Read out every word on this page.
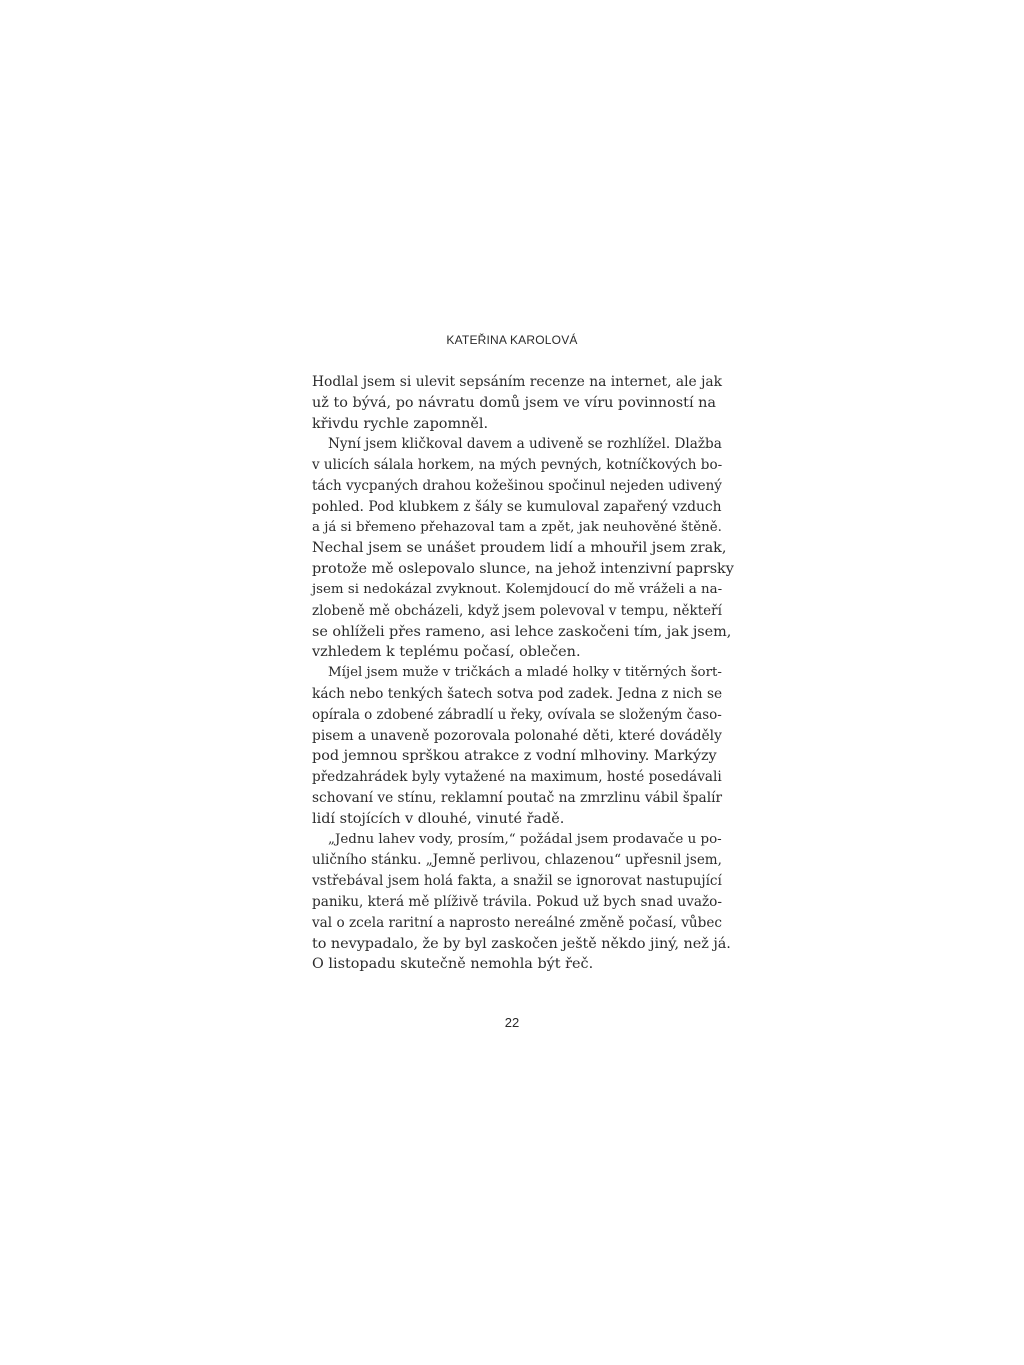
KATEŘINA KAROLOVÁ
Hodlal jsem si ulevit sepsáním recenze na internet, ale jak
už to bývá, po návratu domů jsem ve víru povinností na
křivdu rychle zapomněl.
Nyní jsem kličkoval davem a udiveně se rozhlížel. Dlažba
v ulicích sálala horkem, na mých pevných, kotníčkových bo-
tách vycpaných drahou kožešinou spočinul nejeden udivený
pohled. Pod klubkem z šály se kumuloval zapařený vzduch
a já si břemeno přehazoval tam a zpět, jak neuhověné štěně.
Nechal jsem se unášet proudem lidí a mhouřil jsem zrak,
protože mě oslepovalo slunce, na jehož intenzivní paprsky
jsem si nedokázal zvyknout. Kolemjdoucí do mě vráželi a na-
zlobeně mě obcházeli, když jsem polevoval v tempu, někteří
se ohlíželi přes rameno, asi lehce zaskočeni tím, jak jsem,
vzhledem k teplému počasí, oblečen.
Míjel jsem muže v tričkách a mladé holky v titěrných šort-
kách nebo tenkých šatech sotva pod zadek. Jedna z nich se
opírala o zdobené zábradlí u řeky, ovívala se složeným časo-
pisem a unaveně pozorovala polonahé děti, které dováděly
pod jemnou sprškou atrakce z vodní mlhoviny. Markýzy
předzahrádek byly vytažené na maximum, hosté posedávali
schovaní ve stínu, reklamní poutač na zmrzlinu vábil špalír
lidí stojících v dlouhé, vinuté řadě.
„Jednu lahev vody, prosím,“ požádal jsem prodavače u po-
uličního stánku. „Jemně perlivou, chlazenou“ upřesnil jsem,
vstřebával jsem holá fakta, a snažil se ignorovat nastupující
paniku, která mě plíživě trávila. Pokud už bych snad uvažo-
val o zcela raritní a naprosto nereálné změně počasí, vůbec
to nevypadalo, že by byl zaskočen ještě někdo jiný, než já.
O listopadu skutečně nemohla být řeč.
22
